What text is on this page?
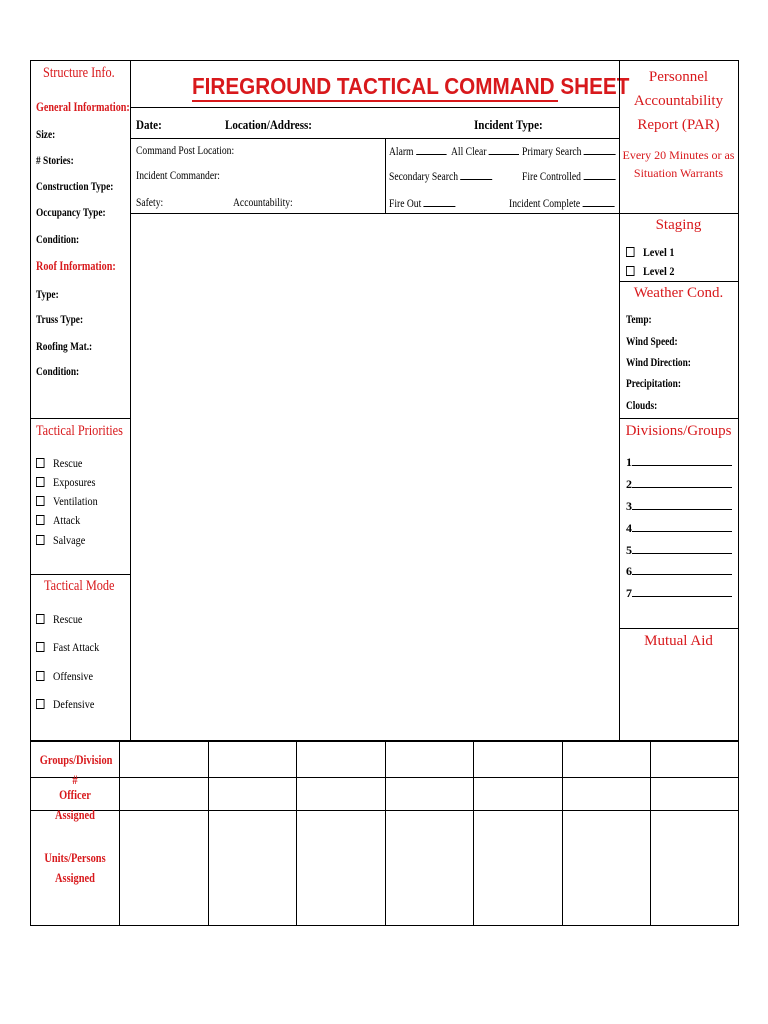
FIREGROUND TACTICAL COMMAND SHEET
Structure Info.
General Information:
Size:
# Stories:
Construction Type:
Occupancy Type:
Condition:
Roof Information:
Type:
Truss Type:
Roofing Mat.:
Condition:
Tactical Priorities
Rescue
Exposures
Ventilation
Attack
Salvage
Tactical Mode
Rescue
Fast Attack
Offensive
Defensive
Date:	Location/Address:	Incident Type:
Command Post Location:
Incident Commander:
Safety:	Accountability:
Alarm	All Clear	Primary Search
Secondary Search	Fire Controlled
Fire Out	Incident Complete
Personnel
Accountability
Report (PAR)
Every 20 Minutes or as
Situation Warrants
Staging
Level 1
Level 2
Weather Cond.
Temp:
Wind Speed:
Wind Direction:
Precipitation:
Clouds:
Divisions/Groups
1
2
3
4
5
6
7
Mutual Aid
Groups/Division #
Officer Assigned
Units/Persons
Assigned
